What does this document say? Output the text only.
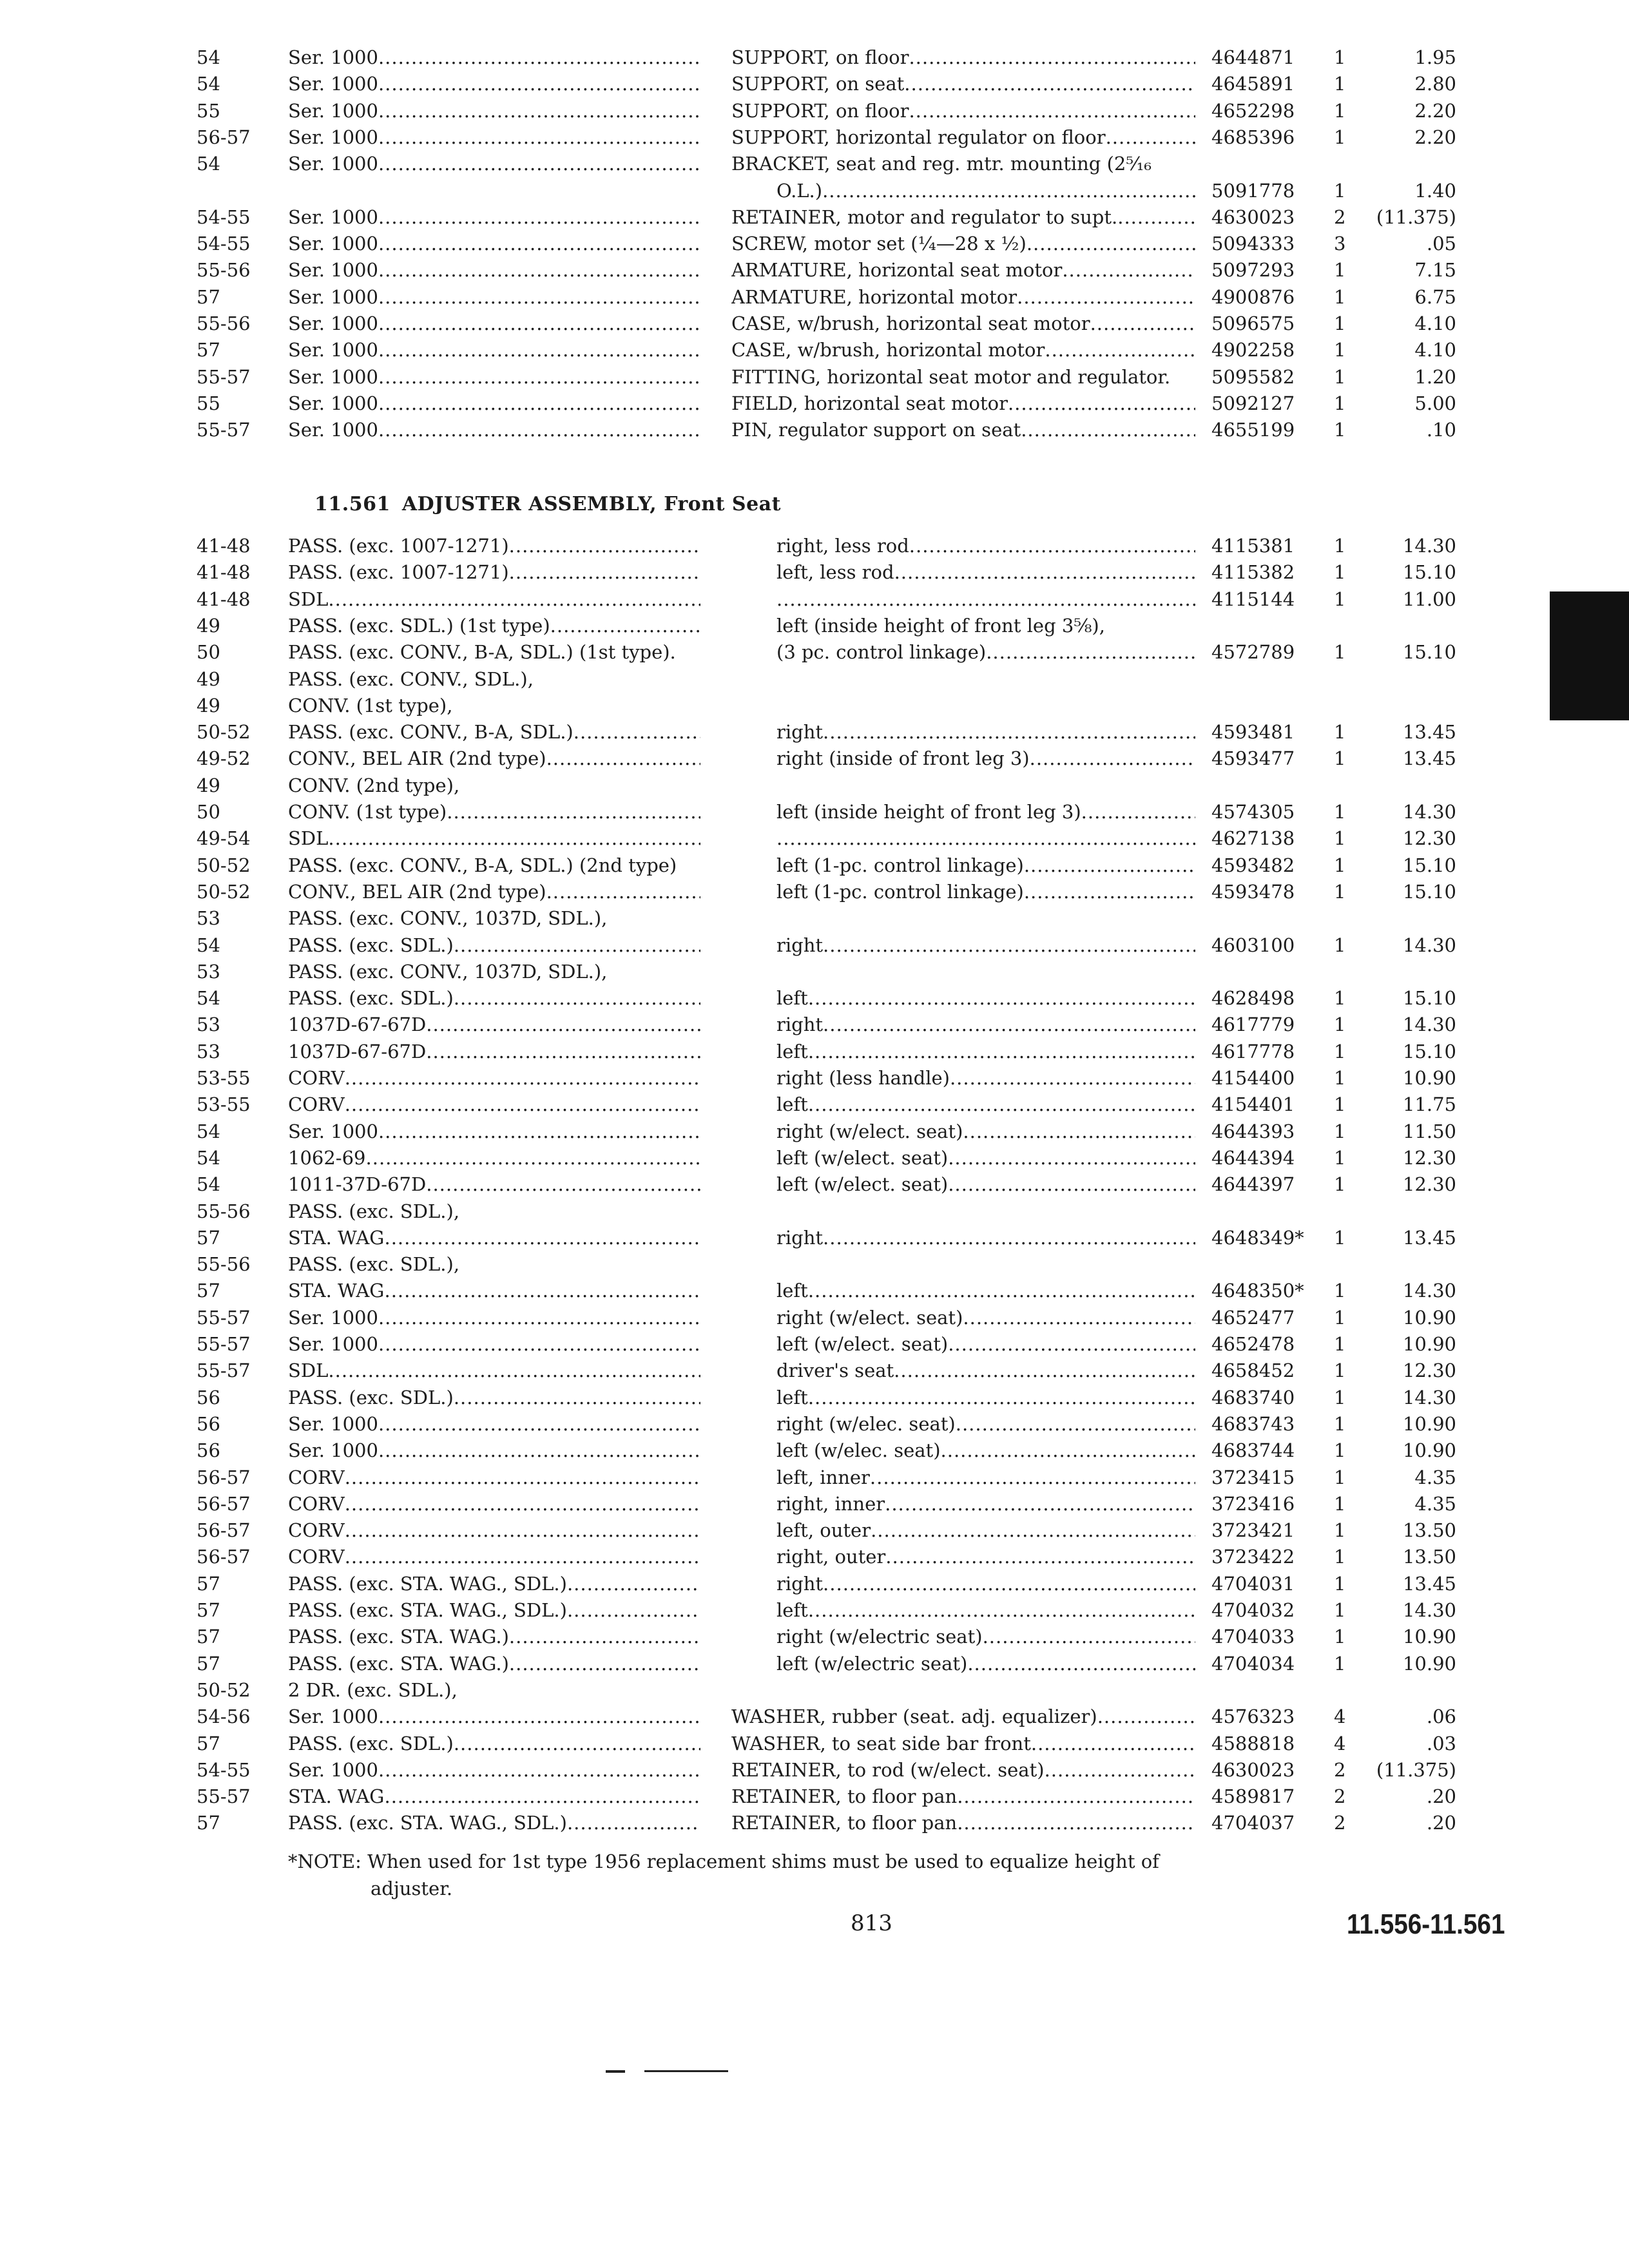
54	Ser. 1000 .....	SUPPORT, on floor .....	4644871	1	1.95
54	Ser. 1000 .....	SUPPORT, on seat .....	4645891	1	2.80
55	Ser. 1000 .....	SUPPORT, on floor .....	4652298	1	2.20
56-57	Ser. 1000 .....	SUPPORT, horizontal regulator on floor .....	4685396	1	2.20
54	Ser. 1000 .....	BRACKET, seat and reg. mtr. mounting (2⁵⁄₁₆
O.L.) .....	5091778	1	1.40
54-55	Ser. 1000 .....	RETAINER, motor and regulator to supt. .....	4630023	2	(11.375)
54-55	Ser. 1000 .....	SCREW, motor set (¼—28 x ½) .....	5094333	3	.05
55-56	Ser. 1000 .....	ARMATURE, horizontal seat motor .....	5097293	1	7.15
57	Ser. 1000 .....	ARMATURE, horizontal motor .....	4900876	1	6.75
55-56	Ser. 1000 .....	CASE, w/brush, horizontal seat motor .....	5096575	1	4.10
57	Ser. 1000 .....	CASE, w/brush, horizontal motor .....	4902258	1	4.10
55-57	Ser. 1000 .....	FITTING, horizontal seat motor and regulator.	5095582	1	1.20
55	Ser. 1000 .....	FIELD, horizontal seat motor .....	5092127	1	5.00
55-57	Ser. 1000 .....	PIN, regulator support on seat .....	4655199	1	.10
41-48	PASS. (exc. 1007-1271) .....	right, less rod .....	4115381	1	14.30
41-48	PASS. (exc. 1007-1271) .....	left, less rod .....	4115382	1	15.10
41-48	SDL ..... .....	4115144	1	11.00
49	PASS. (exc. SDL.) (1st type) .....	left (inside height of front leg 3⅝),
50	PASS. (exc. CONV., B-A, SDL.) (1st type).	(3 pc. control linkage) .....	4572789	1	15.10
49	PASS. (exc. CONV., SDL.),
49	CONV. (1st type),
50-52	PASS. (exc. CONV., B-A, SDL.) .....	right .....	4593481	1	13.45
49-52	CONV., BEL AIR (2nd type) .....	right (inside of front leg 3) .....	4593477	1	13.45
49	CONV. (2nd type),
50	CONV. (1st type) .....	left (inside height of front leg 3) .....	4574305	1	14.30
49-54	SDL ..... .....	4627138	1	12.30
50-52	PASS. (exc. CONV., B-A, SDL.) (2nd type)	left (1-pc. control linkage) .....	4593482	1	15.10
50-52	CONV., BEL AIR (2nd type) .....	left (1-pc. control linkage) .....	4593478	1	15.10
53	PASS. (exc. CONV., 1037D, SDL.),
54	PASS. (exc. SDL.) .....	right .....	4603100	1	14.30
53	PASS. (exc. CONV., 1037D, SDL.),
54	PASS. (exc. SDL.) .....	left .....	4628498	1	15.10
53	1037D-67-67D .....	right .....	4617779	1	14.30
53	1037D-67-67D .....	left .....	4617778	1	15.10
53-55	CORV .....	right (less handle) .....	4154400	1	10.90
53-55	CORV .....	left .....	4154401	1	11.75
54	Ser. 1000 .....	right (w/elect. seat) .....	4644393	1	11.50
54	1062-69 .....	left (w/elect. seat) .....	4644394	1	12.30
54	1011-37D-67D .....	left (w/elect. seat) .....	4644397	1	12.30
55-56	PASS. (exc. SDL.),
57	STA. WAG .....	right .....	4648349*	1	13.45
55-56	PASS. (exc. SDL.),
57	STA. WAG .....	left .....	4648350*	1	14.30
55-57	Ser. 1000 .....	right (w/elect. seat) .....	4652477	1	10.90
55-57	Ser. 1000 .....	left (w/elect. seat) .....	4652478	1	10.90
55-57	SDL .....	driver's seat .....	4658452	1	12.30
56	PASS. (exc. SDL.) .....	left .....	4683740	1	14.30
56	Ser. 1000 .....	right (w/elec. seat) .....	4683743	1	10.90
56	Ser. 1000 .....	left (w/elec. seat) .....	4683744	1	10.90
56-57	CORV .....	left, inner .....	3723415	1	4.35
56-57	CORV .....	right, inner .....	3723416	1	4.35
56-57	CORV .....	left, outer .....	3723421	1	13.50
56-57	CORV .....	right, outer .....	3723422	1	13.50
57	PASS. (exc. STA. WAG., SDL.) .....	right .....	4704031	1	13.45
57	PASS. (exc. STA. WAG., SDL.) .....	left .....	4704032	1	14.30
57	PASS. (exc. STA. WAG.) .....	right (w/electric seat) .....	4704033	1	10.90
57	PASS. (exc. STA. WAG.) .....	left (w/electric seat) .....	4704034	1	10.90
50-52	2 DR. (exc. SDL.),
54-56	Ser. 1000 .....	WASHER, rubber (seat. adj. equalizer) .....	4576323	4	.06
57	PASS. (exc. SDL.) .....	WASHER, to seat side bar front .....	4588818	4	.03
54-55	Ser. 1000 .....	RETAINER, to rod (w/elect. seat) .....	4630023	2	(11.375)
55-57	STA. WAG .....	RETAINER, to floor pan .....	4589817	2	.20
57	PASS. (exc. STA. WAG., SDL.) .....	RETAINER, to floor pan .....	4704037	2	.20
11.561 ADJUSTER ASSEMBLY, Front Seat
*NOTE: When used for 1st type 1956 replacement shims must be used to equalize height of
adjuster.
813	11.556-11.561
